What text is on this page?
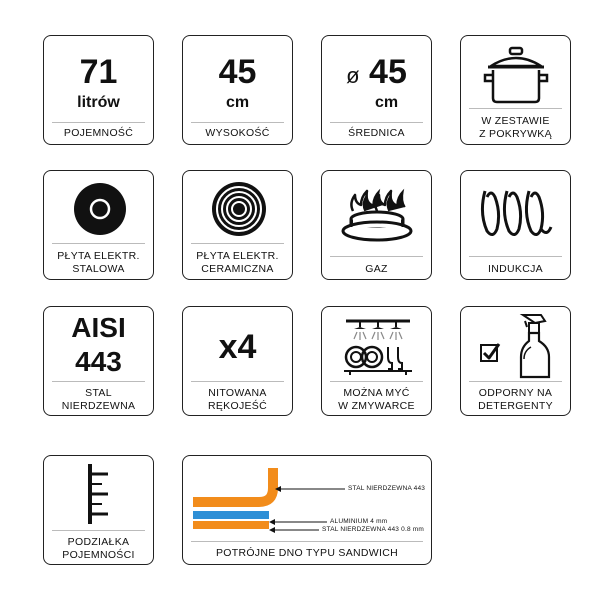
71
litrów
POJEMNOŚĆ
45
cm
WYSOKOŚĆ
ø 45
cm
ŚREDNICA
W ZESTAWIE
Z POKRYWKĄ
PŁYTA ELEKTR.
STALOWA
PŁYTA ELEKTR.
CERAMICZNA	GAZ	INDUKCJA
AISI
443
STAL
NIERDZEWNA
x4
NITOWANA
RĘKOJEŚĆ
MOŻNA MYĆ
W ZMYWARCE
ODPORNY NA
DETERGENTY
PODZIAŁKA
POJEMNOŚCI
STAL NIERDZEWNA 443
ALUMINIUM 4 mm
STAL NIERDZEWNA 443 0.8 mm
POTRÓJNE DNO TYPU SANDWICH
